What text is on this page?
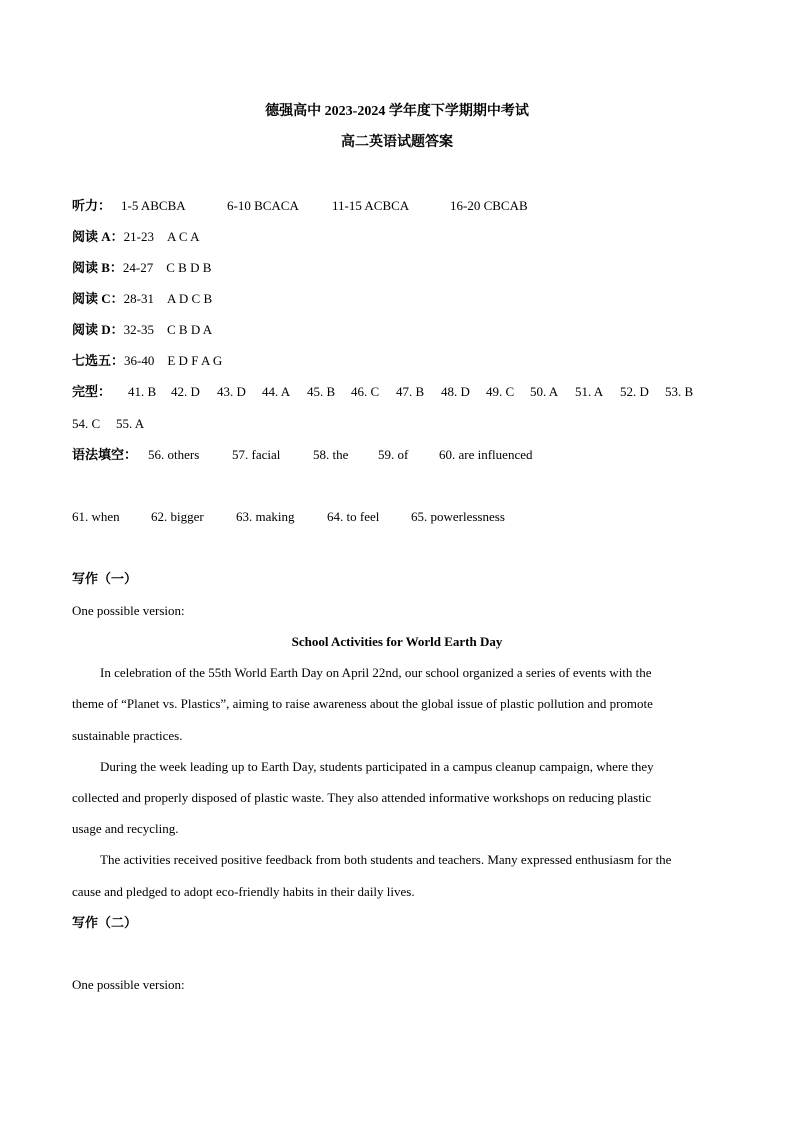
德强高中 2023-2024 学年度下学期期中考试
高二英语试题答案
听力： 1-5 ABCBA	6-10 BCACA	11-15 ACBCA	16-20 CBCAB
阅读 A：21-23 A C A
阅读 B：24-27 C B D B
阅读 C：28-31 A D C B
阅读 D：32-35 C B D A
七选五：36-40 E D F A G
完型： 41. B 42. D 43. D 44. A 45. B 46. C 47. B 48. D 49. C 50. A 51. A 52. D 53. B
54. C 55. A
语法填空： 56. others	57. facial	58. the 59. of 60. are influenced
61. when 62. bigger 63. making	64. to feel 65. powerlessness
写作（一）
One possible version:
School Activities for World Earth Day
In celebration of the 55th World Earth Day on April 22nd, our school organized a series of events with the
theme of “Planet vs. Plastics”, aiming to raise awareness about the global issue of plastic pollution and promote
sustainable practices.
During the week leading up to Earth Day, students participated in a campus cleanup campaign, where they
collected and properly disposed of plastic waste. They also attended informative workshops on reducing plastic
usage and recycling.
The activities received positive feedback from both students and teachers. Many expressed enthusiasm for the
cause and pledged to adopt eco-friendly habits in their daily lives.
写作（二）
One possible version:
